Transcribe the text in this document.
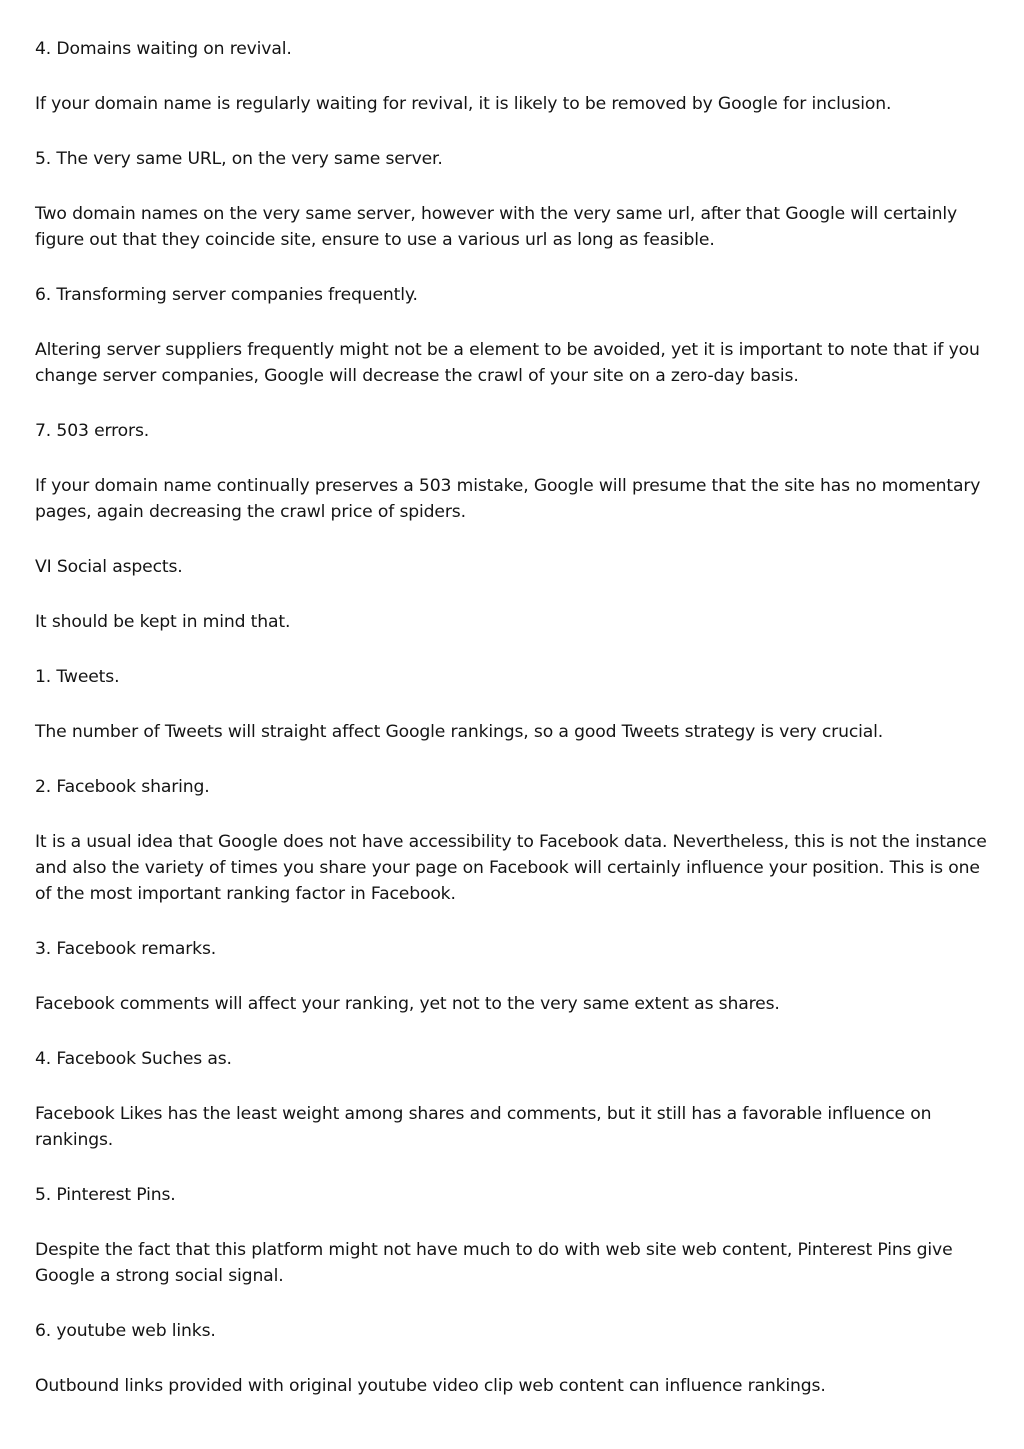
4. Domains waiting on revival.

If your domain name is regularly waiting for revival, it is likely to be removed by Google for inclusion.

5. The very same URL, on the very same server.

Two domain names on the very same server, however with the very same url, after that Google will certainly figure out that they coincide site, ensure to use a various url as long as feasible.

6. Transforming server companies frequently.

Altering server suppliers frequently might not be a element to be avoided, yet it is important to note that if you change server companies, Google will decrease the crawl of your site on a zero-day basis.

7. 503 errors.

If your domain name continually preserves a 503 mistake, Google will presume that the site has no momentary pages, again decreasing the crawl price of spiders.

VI Social aspects.

It should be kept in mind that.

1. Tweets.

The number of Tweets will straight affect Google rankings, so a good Tweets strategy is very crucial.

2. Facebook sharing.

It is a usual idea that Google does not have accessibility to Facebook data. Nevertheless, this is not the instance and also the variety of times you share your page on Facebook will certainly influence your position. This is one of the most important ranking factor in Facebook.

3. Facebook remarks.

Facebook comments will affect your ranking, yet not to the very same extent as shares.

4. Facebook Suches as.

Facebook Likes has the least weight among shares and comments, but it still has a favorable influence on rankings.

5. Pinterest Pins.

Despite the fact that this platform might not have much to do with web site web content, Pinterest Pins give Google a strong social signal.

6. youtube web links.

Outbound links provided with original youtube video clip web content can influence rankings.
